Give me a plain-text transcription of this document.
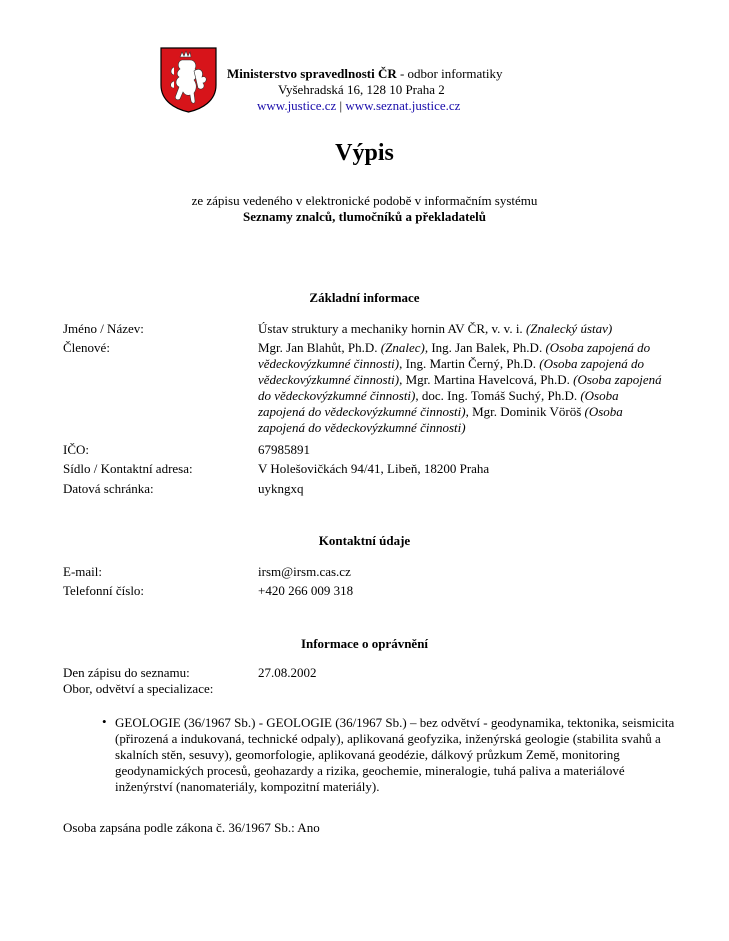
Ministerstvo spravedlnosti ČR - odbor informatiky
Vyšehradská 16, 128 10 Praha 2
www.justice.cz | www.seznat.justice.cz
Výpis
ze zápisu vedeného v elektronické podobě v informačním systému
Seznamy znalců, tlumočníků a překladatelů
Základní informace
Jméno / Název:	Ústav struktury a mechaniky hornin AV ČR, v. v. i. (Znalecký ústav)
Členové:	Mgr. Jan Blahůt, Ph.D. (Znalec), Ing. Jan Balek, Ph.D. (Osoba zapojená do vědeckovýzkumné činnosti), Ing. Martin Černý, Ph.D. (Osoba zapojená do vědeckovýzkumné činnosti), Mgr. Martina Havelcová, Ph.D. (Osoba zapojená do vědeckovýzkumné činnosti), doc. Ing. Tomáš Suchý, Ph.D. (Osoba zapojená do vědeckovýzkumné činnosti), Mgr. Dominik Vöröš (Osoba zapojená do vědeckovýzkumné činnosti)
IČO:	67985891
Sídlo / Kontaktní adresa:	V Holešovičkách 94/41, Libeň, 18200 Praha
Datová schránka:	uykngxq
Kontaktní údaje
E-mail:	irsm@irsm.cas.cz
Telefonní číslo:	+420 266 009 318
Informace o oprávnění
Den zápisu do seznamu:	27.08.2002
Obor, odvětví a specializace:
• GEOLOGIE (36/1967 Sb.) - GEOLOGIE (36/1967 Sb.) – bez odvětví - geodynamika, tektonika, seismicita (přirozená a indukovaná, technické odpaly), aplikovaná geofyzika, inženýrská geologie (stabilita svahů a skalních stěn, sesuvy), geomorfologie, aplikovaná geodézie, dálkový průzkum Země, monitoring geodynamických procesů, geohazardy a rizika, geochemie, mineralogie, tuhá paliva a materiálové inženýrství (nanomateriály, kompozitní materiály).
Osoba zapsána podle zákona č. 36/1967 Sb.: Ano
